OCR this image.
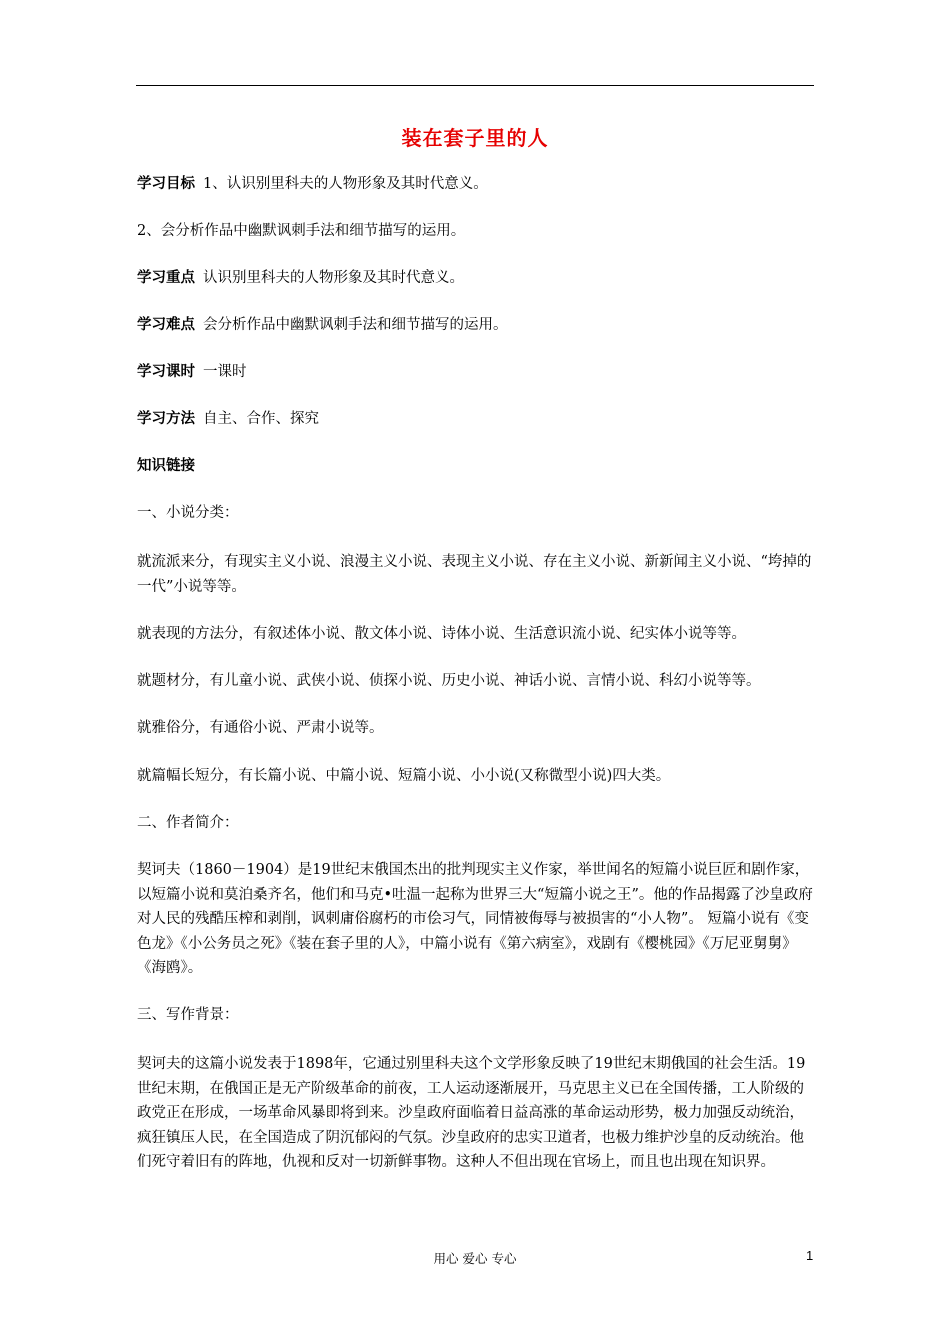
装在套子里的人
学习目标 1、认识别里科夫的人物形象及其时代意义。
2、会分析作品中幽默讽刺手法和细节描写的运用。
学习重点 认识别里科夫的人物形象及其时代意义。
学习难点 会分析作品中幽默讽刺手法和细节描写的运用。
学习课时 一课时
学习方法 自主、合作、探究
知识链接
一、小说分类：
就流派来分，有现实主义小说、浪漫主义小说、表现主义小说、存在主义小说、新新闻主义小说、“垮掉的一代”小说等等。
就表现的方法分，有叙述体小说、散文体小说、诗体小说、生活意识流小说、纪实体小说等等。
就题材分，有儿童小说、武侠小说、侦探小说、历史小说、神话小说、言情小说、科幻小说等等。
就雅俗分，有通俗小说、严肃小说等。
就篇幅长短分，有长篇小说、中篇小说、短篇小说、小小说(又称微型小说)四大类。
二、作者简介：
契诃夫（1860－1904）是19世纪末俄国杰出的批判现实主义作家，举世闻名的短篇小说巨匠和剧作家，以短篇小说和莫泊桑齐名，他们和马克•吐温一起称为世界三大“短篇小说之王”。他的作品揭露了沙皇政府对人民的残酷压榨和剥削，讽刺庸俗腐朽的市侩习气，同情被侮辱与被损害的“小人物”。 短篇小说有《变色龙》《小公务员之死》《装在套子里的人》，中篇小说有《第六病室》，戏剧有《樱桃园》《万尼亚舅舅》《海鸥》。
三、写作背景：
契诃夫的这篇小说发表于1898年，它通过别里科夫这个文学形象反映了19世纪末期俄国的社会生活。19世纪末期，在俄国正是无产阶级革命的前夜，工人运动逐渐展开，马克思主义已在全国传播，工人阶级的政党正在形成，一场革命风暴即将到来。沙皇政府面临着日益高涨的革命运动形势，极力加强反动统治，疯狂镇压人民，在全国造成了阴沉郁闷的气氛。沙皇政府的忠实卫道者，也极力维护沙皇的反动统治。他们死守着旧有的阵地，仇视和反对一切新鲜事物。这种人不但出现在官场上，而且也出现在知识界。
用心 爱心 专心	1
